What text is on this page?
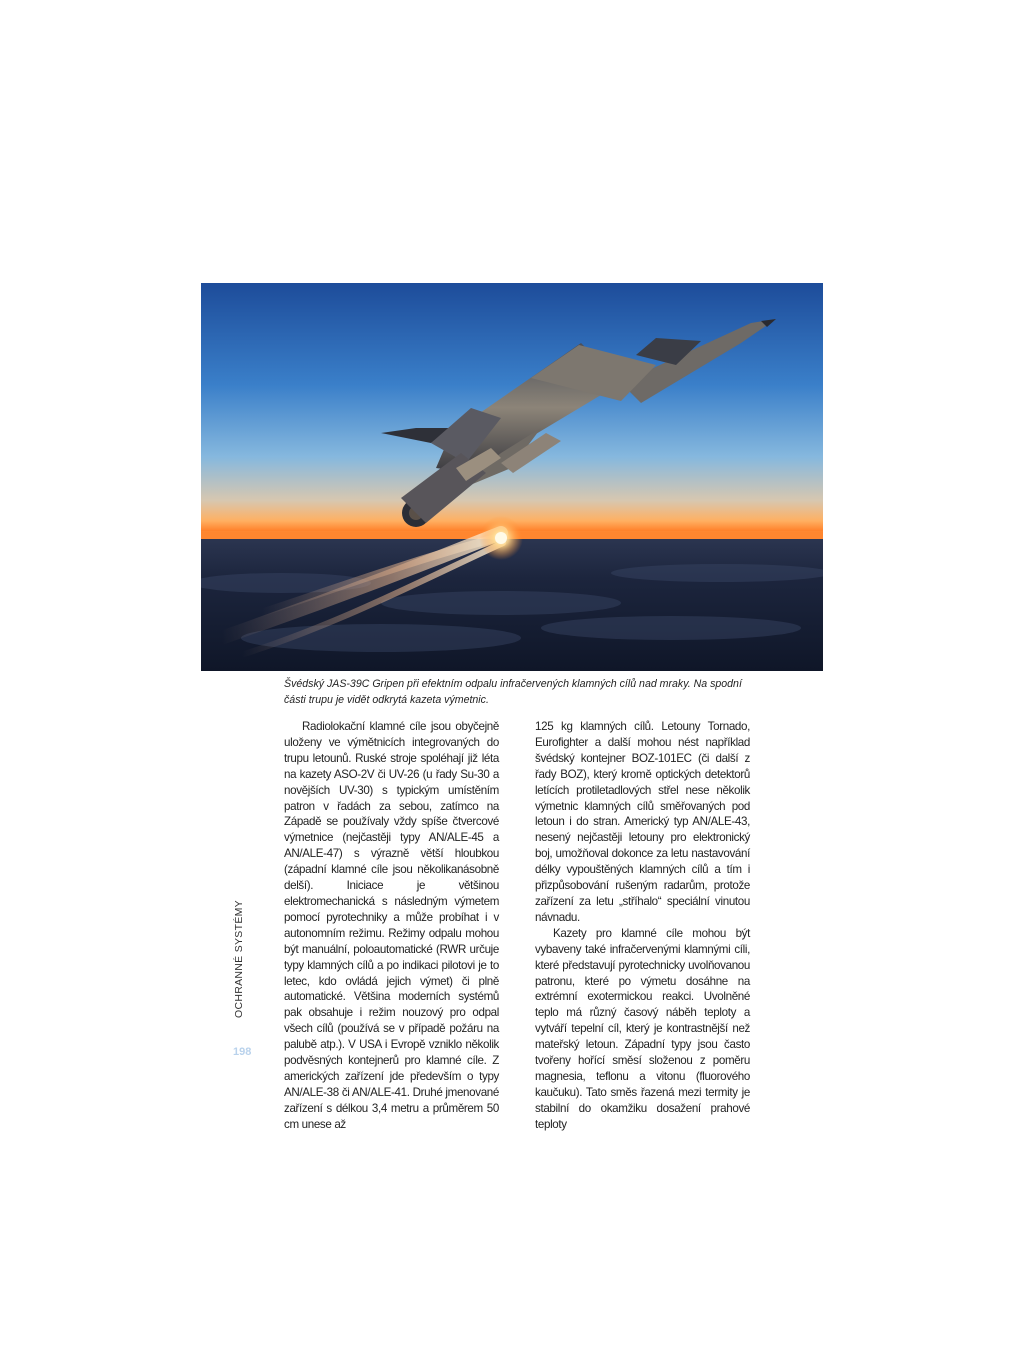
Švédský JAS-39C Gripen při efektním odpalu infračervených klamných cílů nad mraky. Na spodní části trupu je vidět odkrytá kazeta výmetnic.

Radiolokační klamné cíle jsou obyčejně uloženy ve výmětnicích integrovaných do trupu letounů. Ruské stroje spoléhají již léta na kazety ASO-2V či UV-26 (u řady Su-30 a novějších UV-30) s typickým umístěním patron v řadách za sebou, zatímco na Západě se používaly vždy spíše čtvercové výmetnice (nejčastěji typy AN/ALE-45 a AN/ALE-47) s výrazně větší hloubkou (západní klamné cíle jsou několikanásobně delší). Iniciace je většinou elektromechanická s následným výmetem pomocí pyrotechniky a může probíhat i v autonomním režimu. Režimy odpalu mohou být manuální, poloautomatické (RWR určuje typy klamných cílů a po indikaci pilotovi je to letec, kdo ovládá jejich výmet) či plně automatické. Většina moderních systémů pak obsahuje i režim nouzový pro odpal všech cílů (používá se v případě požáru na palubě atp.). V USA i Evropě vzniklo několik podvěsných kontejnerů pro klamné cíle. Z amerických zařízení jde především o typy AN/ALE-38 či AN/ALE-41. Druhé jmenované zařízení s délkou 3,4 metru a průměrem 50 cm unese až

125 kg klamných cílů. Letouny Tornado, Eurofighter a další mohou nést například švédský kontejner BOZ-101EC (či další z řady BOZ), který kromě optických detektorů letících protiletadlových střel nese několik výmetnic klamných cílů směřovaných pod letoun i do stran. Americký typ AN/ALE-43, nesený nejčastěji letouny pro elektronický boj, umožňoval dokonce za letu nastavování délky vypouštěných klamných cílů a tím i přizpůsobování rušeným radarům, protože zařízení za letu „stříhalo“ speciální vinutou návnadu.

Kazety pro klamné cíle mohou být vybaveny také infračervenými klamnými cíli, které představují pyrotechnicky uvolňovanou patronu, které po výmetu dosáhne na extrémní exotermickou reakci. Uvolněné teplo má různý časový náběh teploty a vytváří tepelní cíl, který je kontrastnější než mateřský letoun. Západní typy jsou často tvořeny hořící směsí složenou z poměru magnesia, teflonu a vitonu (fluorového kaučuku). Tato směs řazená mezi termity je stabilní do okamžiku dosažení prahové teploty

OCHRANNÉ SYSTÉMY
198
